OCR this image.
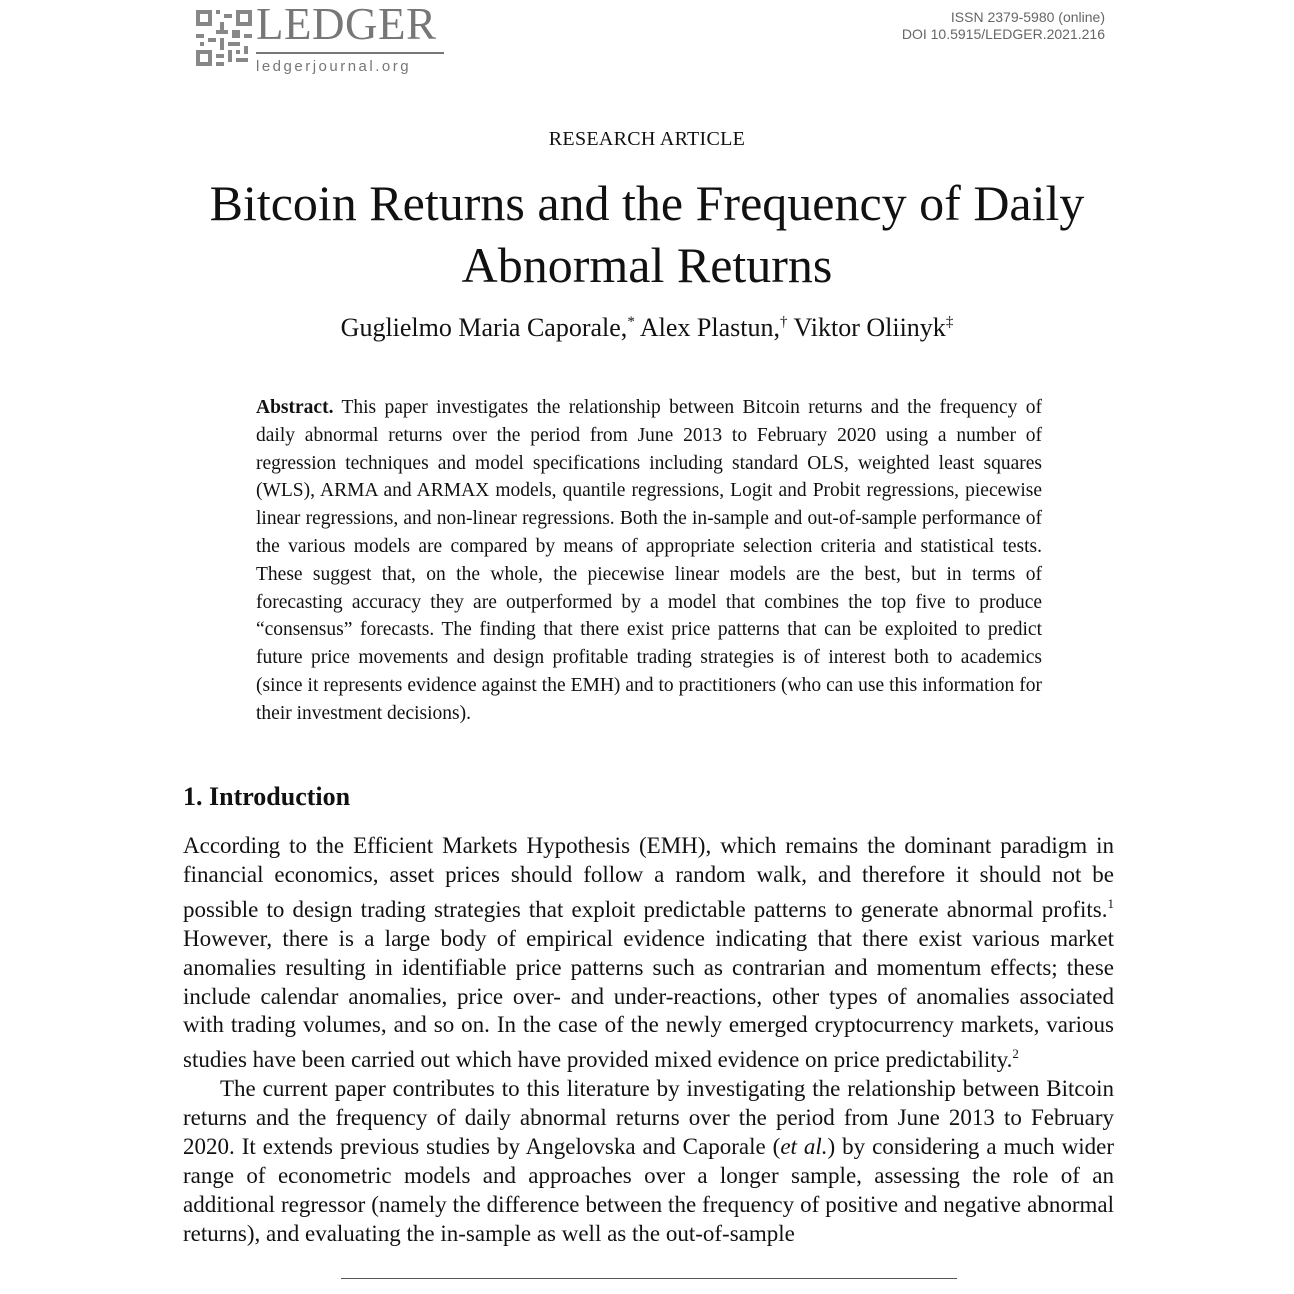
LEDGER
ledgerjournal.org
ISSN 2379-5980 (online)
DOI 10.5915/LEDGER.2021.216
RESEARCH ARTICLE
Bitcoin Returns and the Frequency of Daily Abnormal Returns
Guglielmo Maria Caporale,* Alex Plastun,† Viktor Oliinyk‡

Abstract. This paper investigates the relationship between Bitcoin returns and the frequency of daily abnormal returns over the period from June 2013 to February 2020 using a number of regression techniques and model specifications including standard OLS, weighted least squares (WLS), ARMA and ARMAX models, quantile regressions, Logit and Probit regressions, piecewise linear regressions, and non-linear regressions. Both the in-sample and out-of-sample performance of the various models are compared by means of appropriate selection criteria and statistical tests. These suggest that, on the whole, the piecewise linear models are the best, but in terms of forecasting accuracy they are outperformed by a model that combines the top five to produce “consensus” forecasts. The finding that there exist price patterns that can be exploited to predict future price movements and design profitable trading strategies is of interest both to academics (since it represents evidence against the EMH) and to practitioners (who can use this information for their investment decisions).

1. Introduction

According to the Efficient Markets Hypothesis (EMH), which remains the dominant paradigm in financial economics, asset prices should follow a random walk, and therefore it should not be possible to design trading strategies that exploit predictable patterns to generate abnormal profits.$^1$ However, there is a large body of empirical evidence indicating that there exist various market anomalies resulting in identifiable price patterns such as contrarian and momentum effects; these include calendar anomalies, price over- and under-reactions, other types of anomalies associated with trading volumes, and so on. In the case of the newly emerged cryptocurrency markets, various studies have been carried out which have provided mixed evidence on price predictability.$^2$

The current paper contributes to this literature by investigating the relationship between Bitcoin returns and the frequency of daily abnormal returns over the period from June 2013 to February 2020. It extends previous studies by Angelovska and Caporale (et al.) by considering a much wider range of econometric models and approaches over a longer sample, assessing the role of an additional regressor (namely the difference between the frequency of positive and negative abnormal returns), and evaluating the in-sample as well as the out-of-sample
